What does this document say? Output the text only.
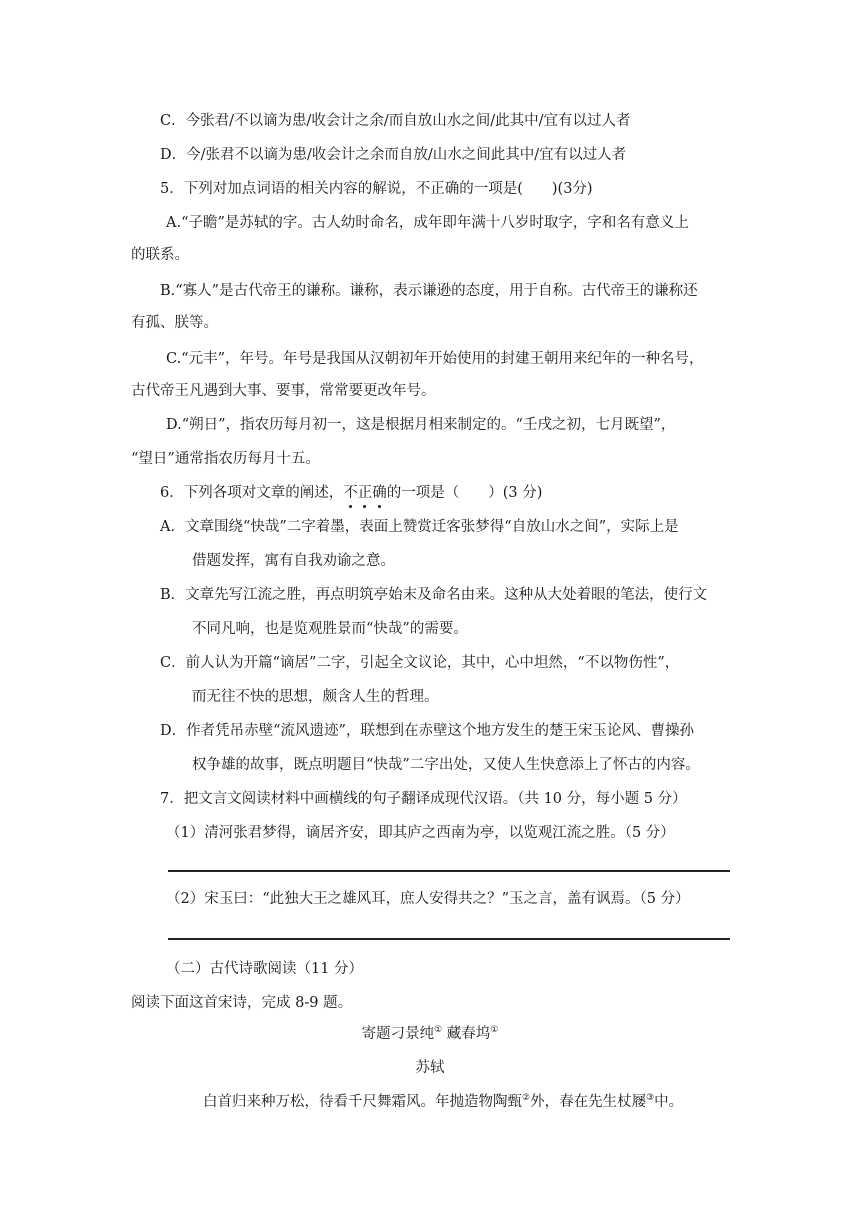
C．今张君/不以谪为患/收会计之余/而自放山水之间/此其中/宜有以过人者
D．今/张君不以谪为患/收会计之余而自放/山水之间此其中/宜有以过人者
5．下列对加点词语的相关内容的解说，不正确的一项是(　　)(3分)
A.“子瞻”是苏轼的字。古人幼时命名，成年即年满十八岁时取字，字和名有意义上
的联系。
B.“寡人”是古代帝王的谦称。谦称，表示谦逊的态度，用于自称。古代帝王的谦称还
有孤、朕等。
C.“元丰”，年号。年号是我国从汉朝初年开始使用的封建王朝用来纪年的一种名号，
古代帝王凡遇到大事、要事，常常要更改年号。
D.“朔日”，指农历每月初一，这是根据月相来制定的。“壬戌之初，七月既望”，
“望日”通常指农历每月十五。
6．下列各项对文章的阐述，不正确的一项是（　　）(3 分)
A．文章围绕“快哉”二字着墨，表面上赞赏迁客张梦得“自放山水之间”，实际上是
借题发挥，寓有自我劝谕之意。
B．文章先写江流之胜，再点明筑亭始末及命名由来。这种从大处着眼的笔法，使行文
不同凡响，也是览观胜景而“快哉”的需要。
C．前人认为开篇“谪居”二字，引起全文议论，其中，心中坦然，“不以物伤性”，
而无往不快的思想，颇含人生的哲理。
D．作者凭吊赤壁“流风遗迹”，联想到在赤壁这个地方发生的楚王宋玉论风、曹操孙
权争雄的故事，既点明题目“快哉”二字出处，又使人生快意添上了怀古的内容。
7．把文言文阅读材料中画横线的句子翻译成现代汉语。（共 10 分，每小题 5 分）
（1）清河张君梦得，谪居齐安，即其庐之西南为亭，以览观江流之胜。（5 分）
（2）宋玉曰：“此独大王之雄风耳，庶人安得共之？”玉之言，盖有讽焉。（5 分）
（二）古代诗歌阅读（11 分）
阅读下面这首宋诗，完成 8-9 题。
寄题刁景纯① 藏春坞①
苏轼
白首归来种万松，待看千尺舞霜风。年抛造物陶甄②外，春在先生杖屦③中。
